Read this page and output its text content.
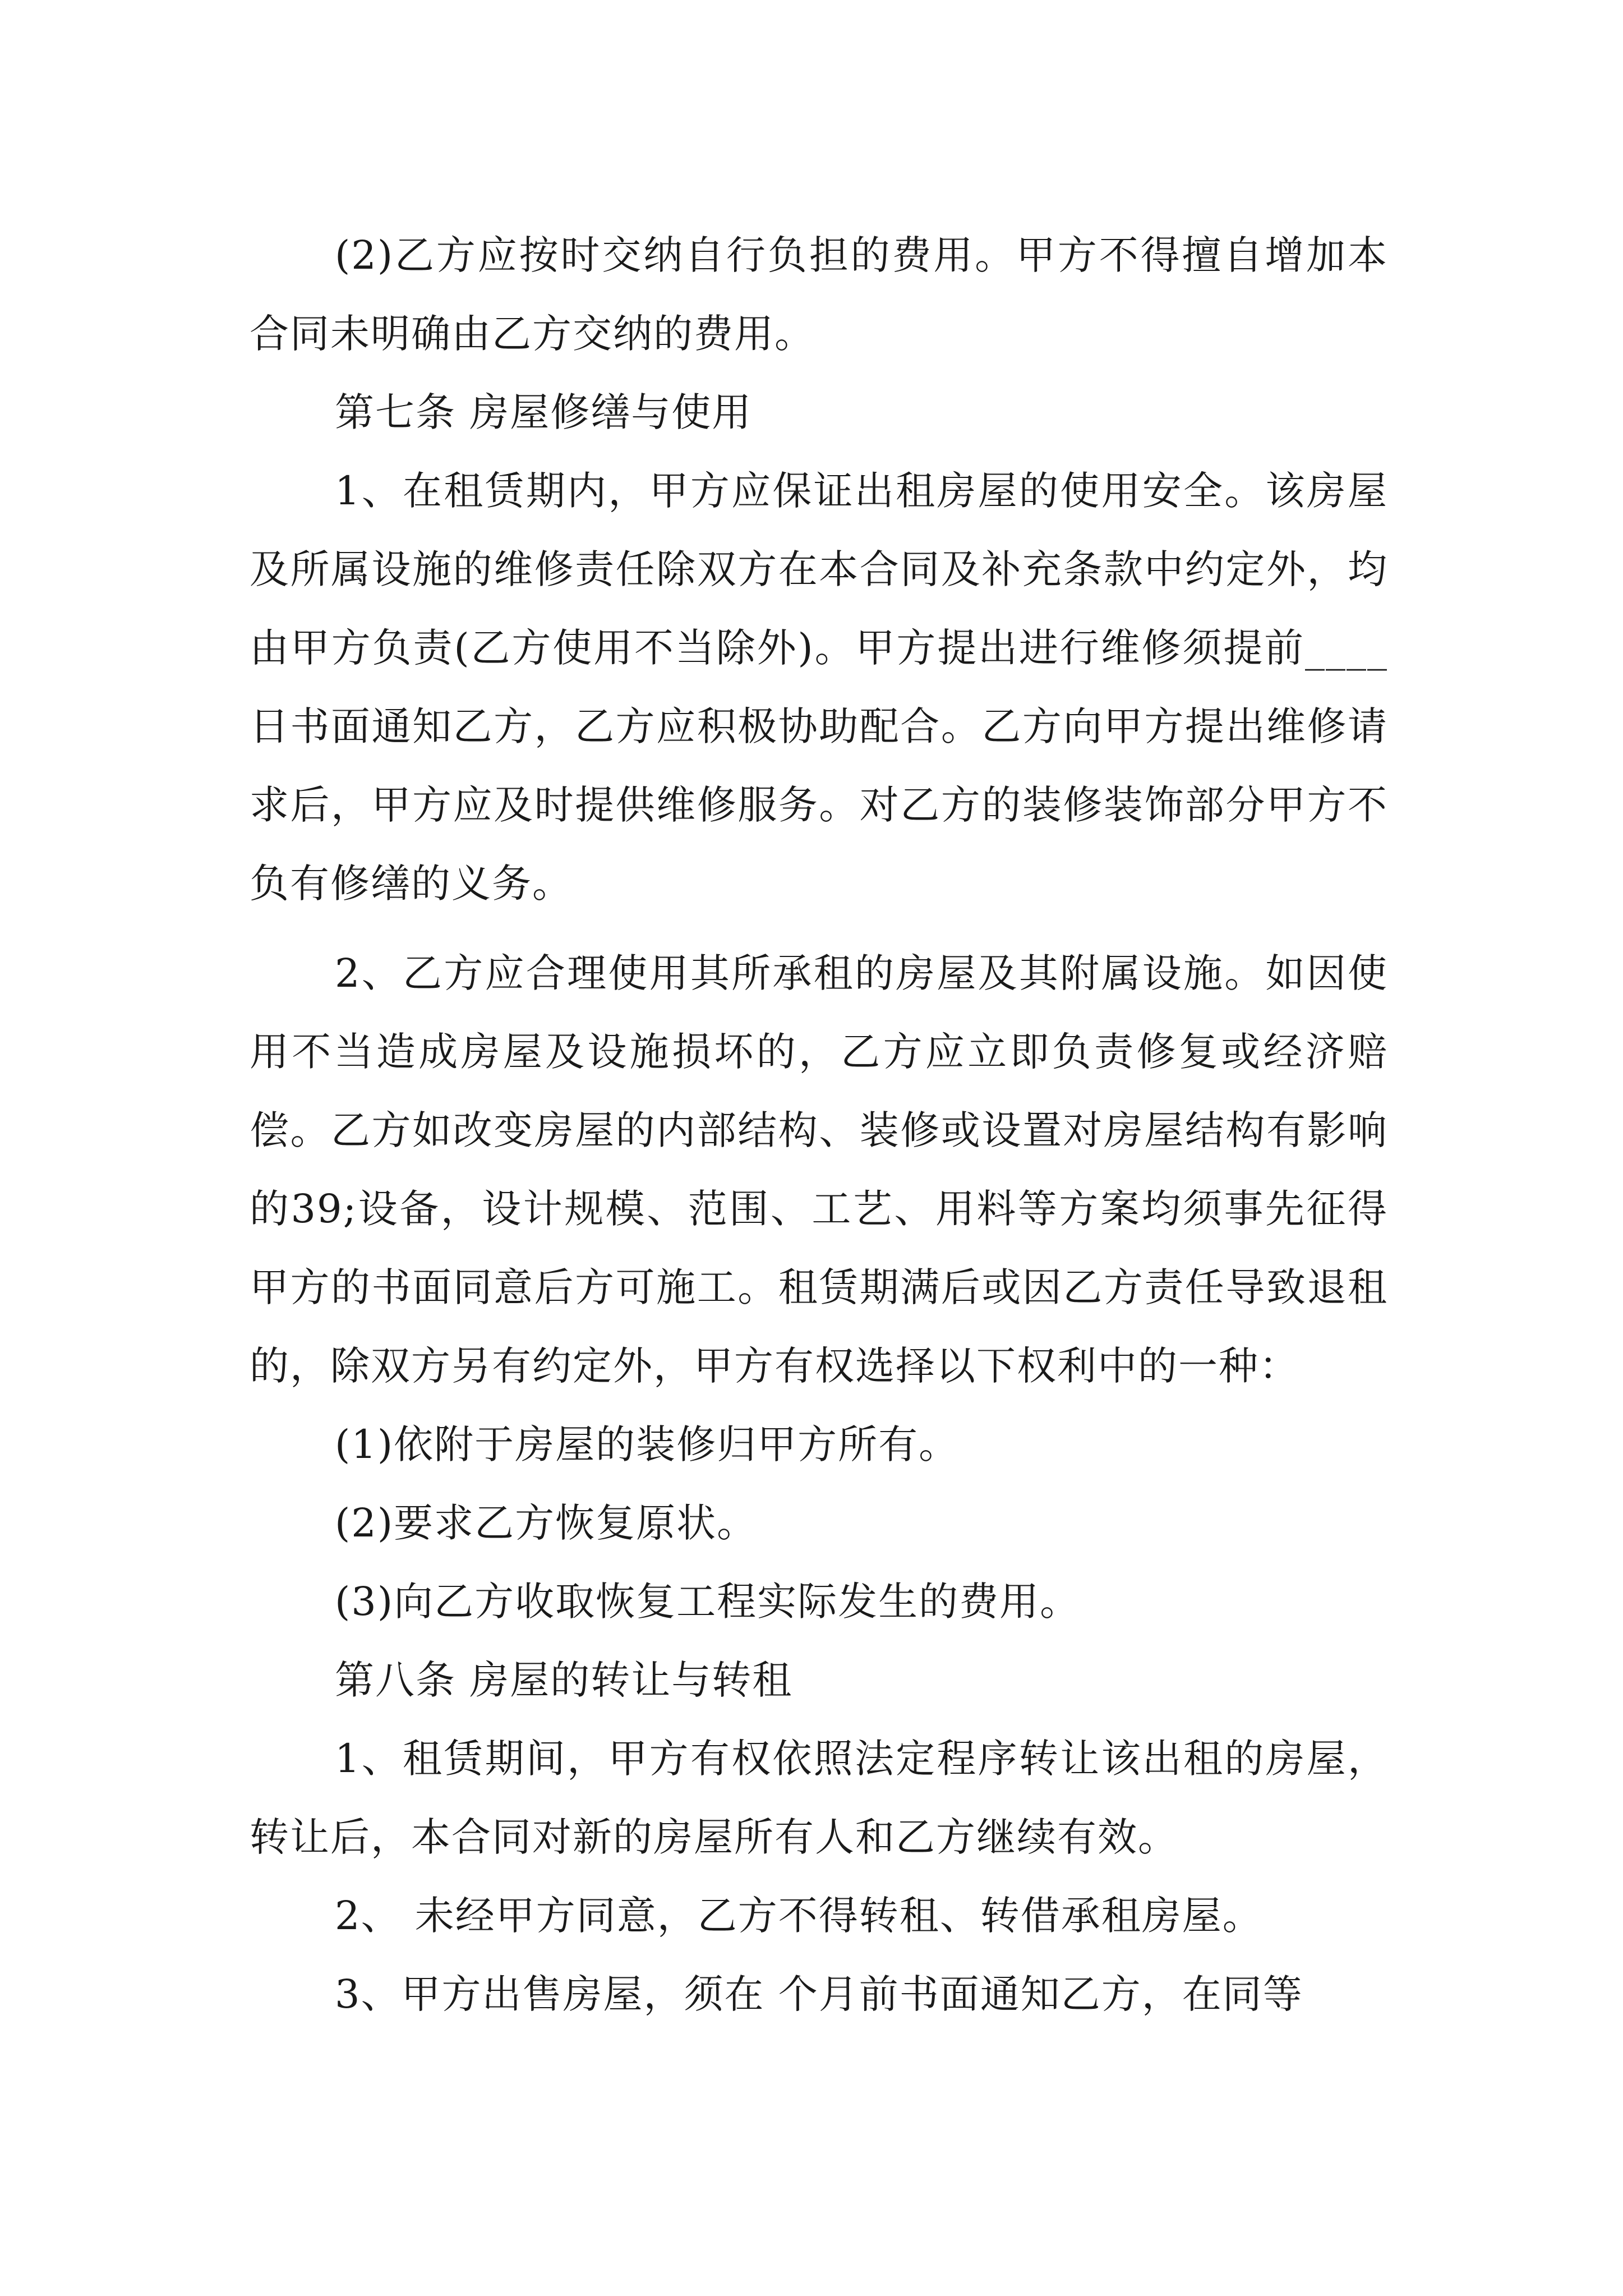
(2)乙方应按时交纳自行负担的费用。甲方不得擅自增加本合同未明确由乙方交纳的费用。

第七条 房屋修缮与使用

1、在租赁期内，甲方应保证出租房屋的使用安全。该房屋及所属设施的维修责任除双方在本合同及补充条款中约定外，均由甲方负责(乙方使用不当除外)。甲方提出进行维修须提前____日书面通知乙方，乙方应积极协助配合。乙方向甲方提出维修请求后，甲方应及时提供维修服务。对乙方的装修装饰部分甲方不负有修缮的义务。

2、乙方应合理使用其所承租的房屋及其附属设施。如因使用不当造成房屋及设施损坏的，乙方应立即负责修复或经济赔偿。乙方如改变房屋的内部结构、装修或设置对房屋结构有影响的39;设备，设计规模、范围、工艺、用料等方案均须事先征得甲方的书面同意后方可施工。租赁期满后或因乙方责任导致退租的，除双方另有约定外，甲方有权选择以下权利中的一种：

(1)依附于房屋的装修归甲方所有。

(2)要求乙方恢复原状。

(3)向乙方收取恢复工程实际发生的费用。

第八条 房屋的转让与转租

1、租赁期间，甲方有权依照法定程序转让该出租的房屋，转让后，本合同对新的房屋所有人和乙方继续有效。

2、 未经甲方同意，乙方不得转租、转借承租房屋。

3、甲方出售房屋，须在 个月前书面通知乙方，在同等
